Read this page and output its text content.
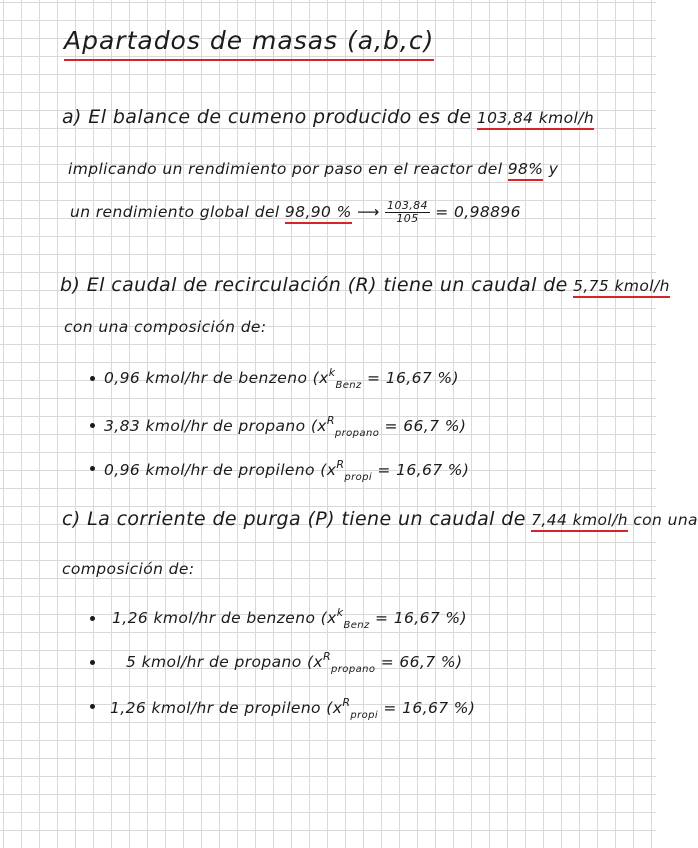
Apartados de masas (a,b,c)
a) El balance de cumeno producido es de 103,84 kmol/h
implicando un rendimiento por paso en el reactor del 98% y
un rendimiento global del 98,90 % ⟶ $\frac{103,84}{105} = 0,98896$
b) El caudal de recirculación (R) tiene un caudal de 5,75 kmol/h
con una composición de:
0,96 kmol/hr de benzeno ($x^k_{Benz} = 16,67$ %)
3,83 kmol/hr de propano ($x^R_{propano} = 66,7$ %)
0,96 kmol/hr de propileno ($x^R_{propi} = 16,67$ %)
c) La corriente de purga (P) tiene un caudal de 7,44 kmol/h con una
composición de:
1,26 kmol/hr de benzeno ($x^k_{Benz} = 16,67$ %)
5 kmol/hr de propano ($x^R_{propano} = 66,7$ %)
1,26 kmol/hr de propileno ($x^R_{propi} = 16,67$ %)
